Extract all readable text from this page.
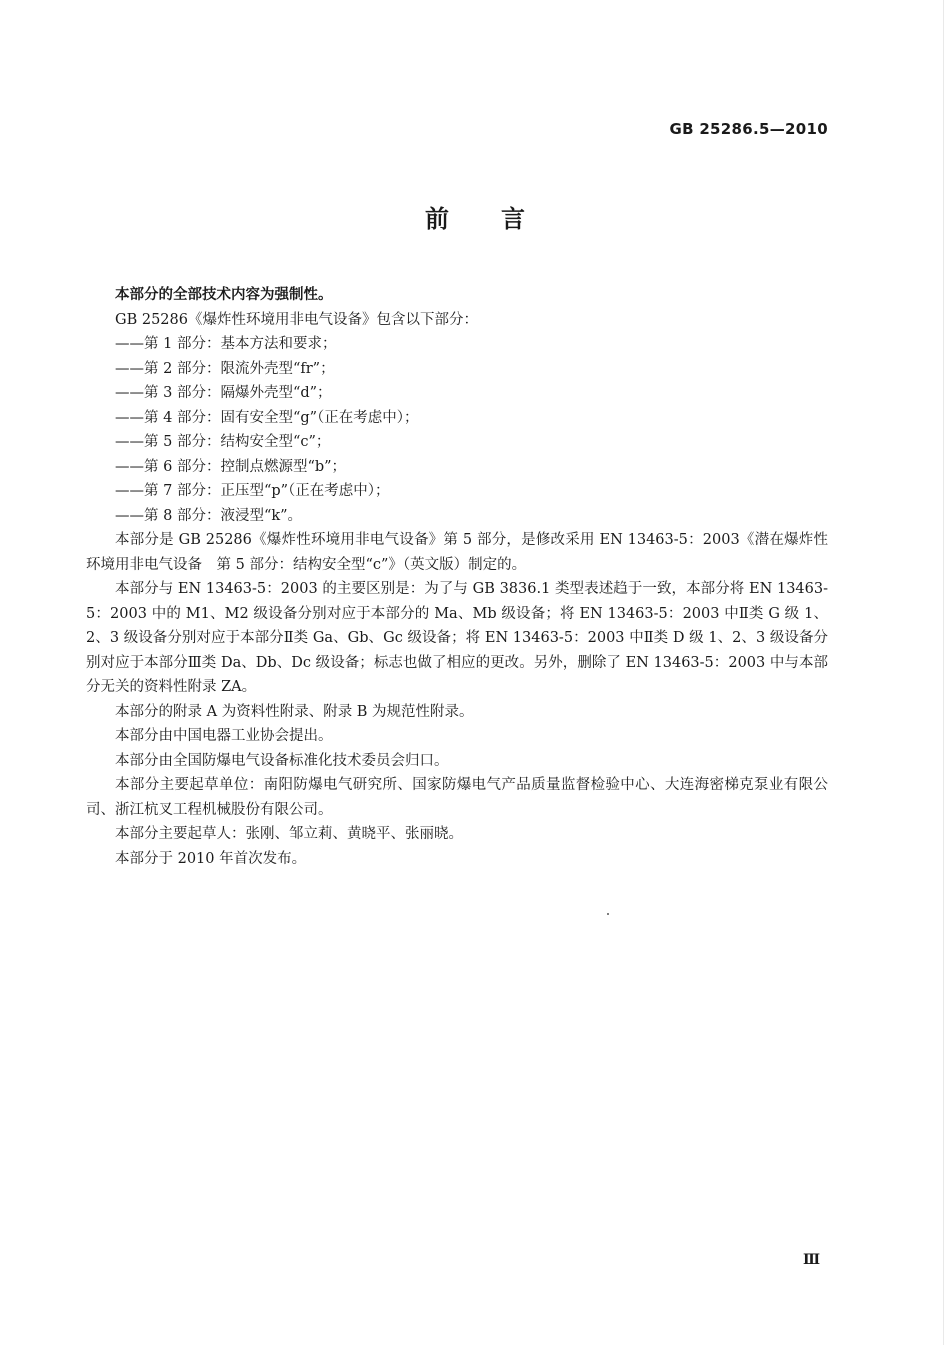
GB 25286.5—2010
前言

本部分的全部技术内容为强制性。

GB 25286《爆炸性环境用非电气设备》包含以下部分：

——第 1 部分：基本方法和要求；

——第 2 部分：限流外壳型“fr”；

——第 3 部分：隔爆外壳型“d”；

——第 4 部分：固有安全型“g”（正在考虑中）；

——第 5 部分：结构安全型“c”；

——第 6 部分：控制点燃源型“b”；

——第 7 部分：正压型“p”（正在考虑中）；

——第 8 部分：液浸型“k”。

本部分是 GB 25286《爆炸性环境用非电气设备》第 5 部分，是修改采用 EN 13463-5：2003《潜在爆炸性环境用非电气设备　第 5 部分：结构安全型“c”》（英文版）制定的。

本部分与 EN 13463-5：2003 的主要区别是：为了与 GB 3836.1 类型表述趋于一致，本部分将 EN 13463-5：2003 中的 M1、M2 级设备分别对应于本部分的 Ma、Mb 级设备；将 EN 13463-5：2003 中Ⅱ类 G 级 1、2、3 级设备分别对应于本部分Ⅱ类 Ga、Gb、Gc 级设备；将 EN 13463-5：2003 中Ⅱ类 D 级 1、2、3 级设备分别对应于本部分Ⅲ类 Da、Db、Dc 级设备；标志也做了相应的更改。另外，删除了 EN 13463-5：2003 中与本部分无关的资料性附录 ZA。

本部分的附录 A 为资料性附录、附录 B 为规范性附录。

本部分由中国电器工业协会提出。

本部分由全国防爆电气设备标准化技术委员会归口。

本部分主要起草单位：南阳防爆电气研究所、国家防爆电气产品质量监督检验中心、大连海密梯克泵业有限公司、浙江杭叉工程机械股份有限公司。

本部分主要起草人：张刚、邹立莉、黄晓平、张丽晓。

本部分于 2010 年首次发布。

Ⅲ
